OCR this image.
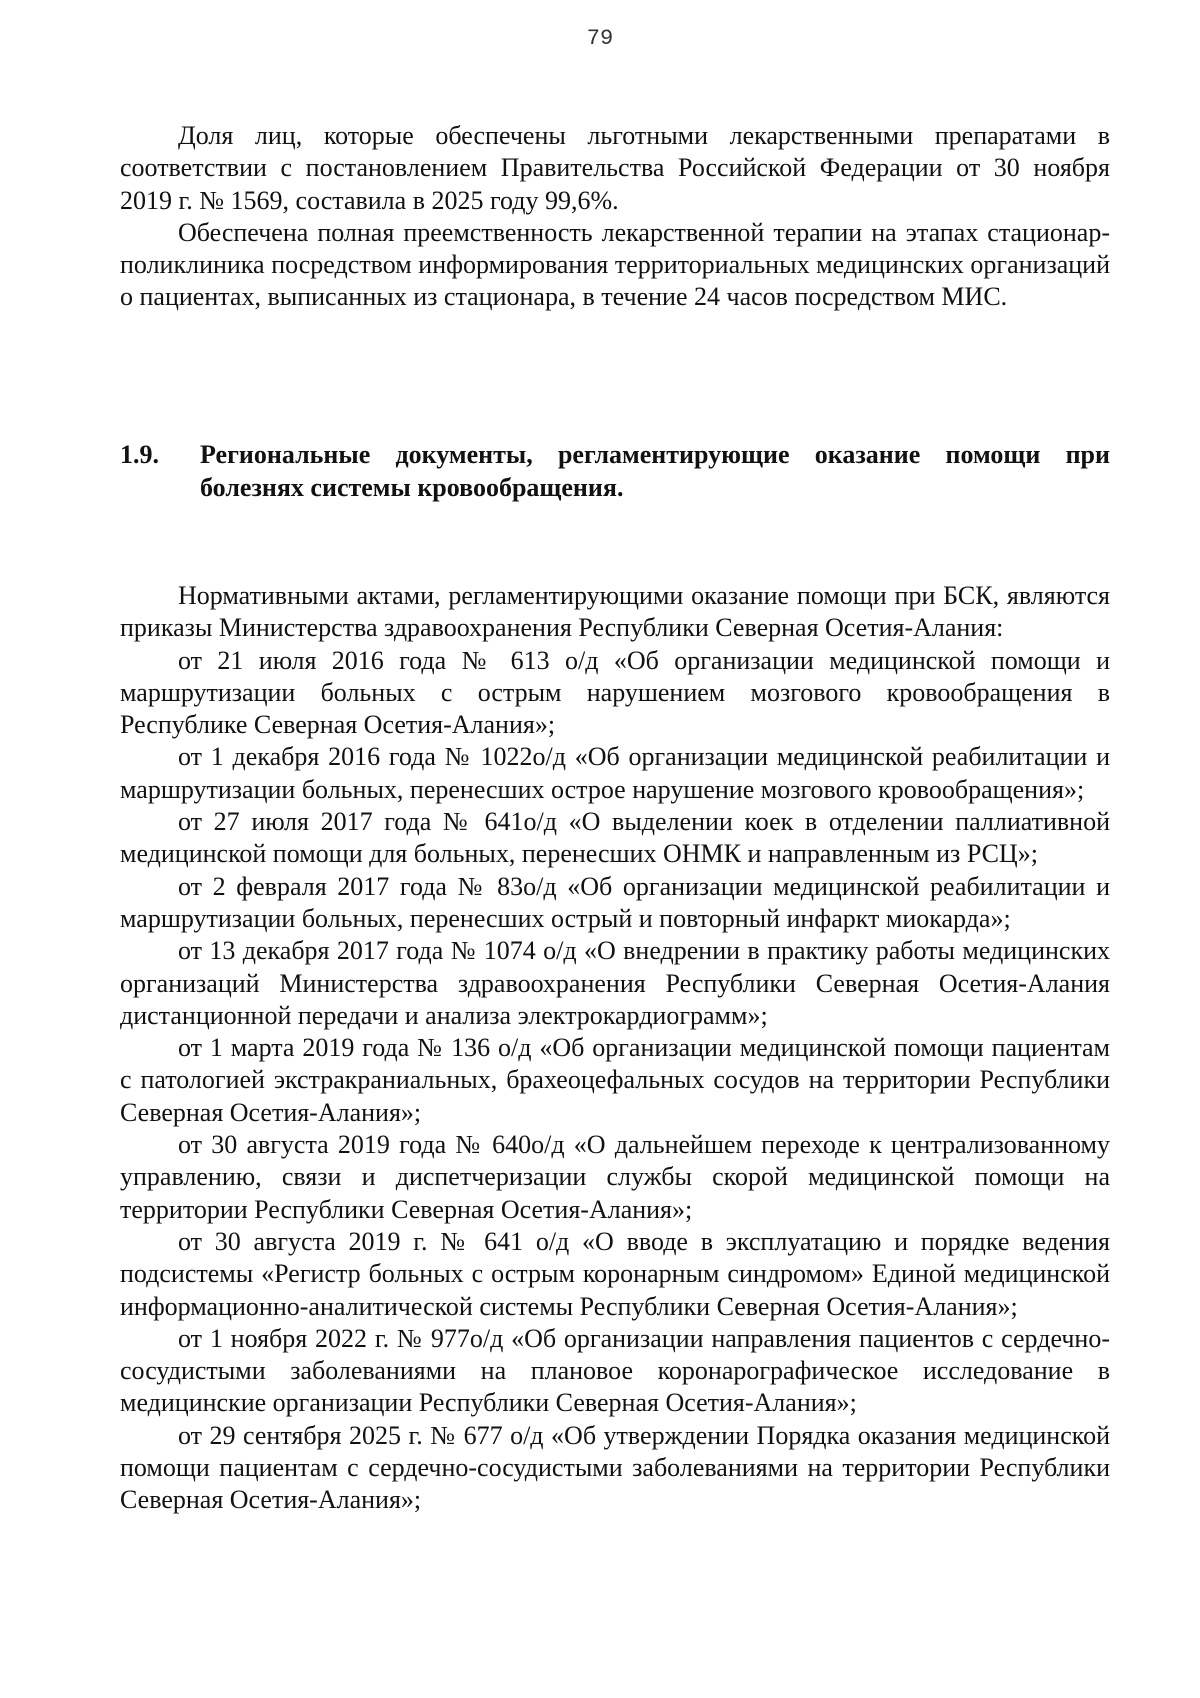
79

Доля лиц, которые обеспечены льготными лекарственными препаратами в соответствии с постановлением Правительства Российской Федерации от 30 ноября 2019 г. № 1569, составила в 2025 году 99,6%.

Обеспечена полная преемственность лекарственной терапии на этапах стационар-поликлиника посредством информирования территориальных медицинских организаций о пациентах, выписанных из стационара, в течение 24 часов посредством МИС.

1.9.	Региональные документы, регламентирующие оказание помощи при болезнях системы кровообращения.

Нормативными актами, регламентирующими оказание помощи при БСК, являются приказы Министерства здравоохранения Республики Северная Осетия-Алания:

от 21 июля 2016 года № 613 о/д «Об организации медицинской помощи и маршрутизации больных с острым нарушением мозгового кровообращения в Республике Северная Осетия-Алания»;

от 1 декабря 2016 года № 1022о/д «Об организации медицинской реабилитации и маршрутизации больных, перенесших острое нарушение мозгового кровообращения»;

от 27 июля 2017 года № 641о/д «О выделении коек в отделении паллиативной медицинской помощи для больных, перенесших ОНМК и направленным из РСЦ»;

от 2 февраля 2017 года № 83о/д «Об организации медицинской реабилитации и маршрутизации больных, перенесших острый и повторный инфаркт миокарда»;

от 13 декабря 2017 года № 1074 о/д «О внедрении в практику работы медицинских организаций Министерства здравоохранения Республики Северная Осетия-Алания дистанционной передачи и анализа электрокардиограмм»;

от 1 марта 2019 года № 136 о/д «Об организации медицинской помощи пациентам с патологией экстракраниальных, брахеоцефальных сосудов на территории Республики Северная Осетия-Алания»;

от 30 августа 2019 года № 640о/д «О дальнейшем переходе к централизованному управлению, связи и диспетчеризации службы скорой медицинской помощи на территории Республики Северная Осетия-Алания»;

от 30 августа 2019 г. № 641 о/д «О вводе в эксплуатацию и порядке ведения подсистемы «Регистр больных с острым коронарным синдромом» Единой медицинской информационно-аналитической системы Республики Северная Осетия-Алания»;

от 1 ноября 2022 г. № 977о/д «Об организации направления пациентов с сердечно-сосудистыми заболеваниями на плановое коронарографическое исследование в медицинские организации Республики Северная Осетия-Алания»;

от 29 сентября 2025 г. № 677 о/д «Об утверждении Порядка оказания медицинской помощи пациентам с сердечно-сосудистыми заболеваниями на территории Республики Северная Осетия-Алания»;
